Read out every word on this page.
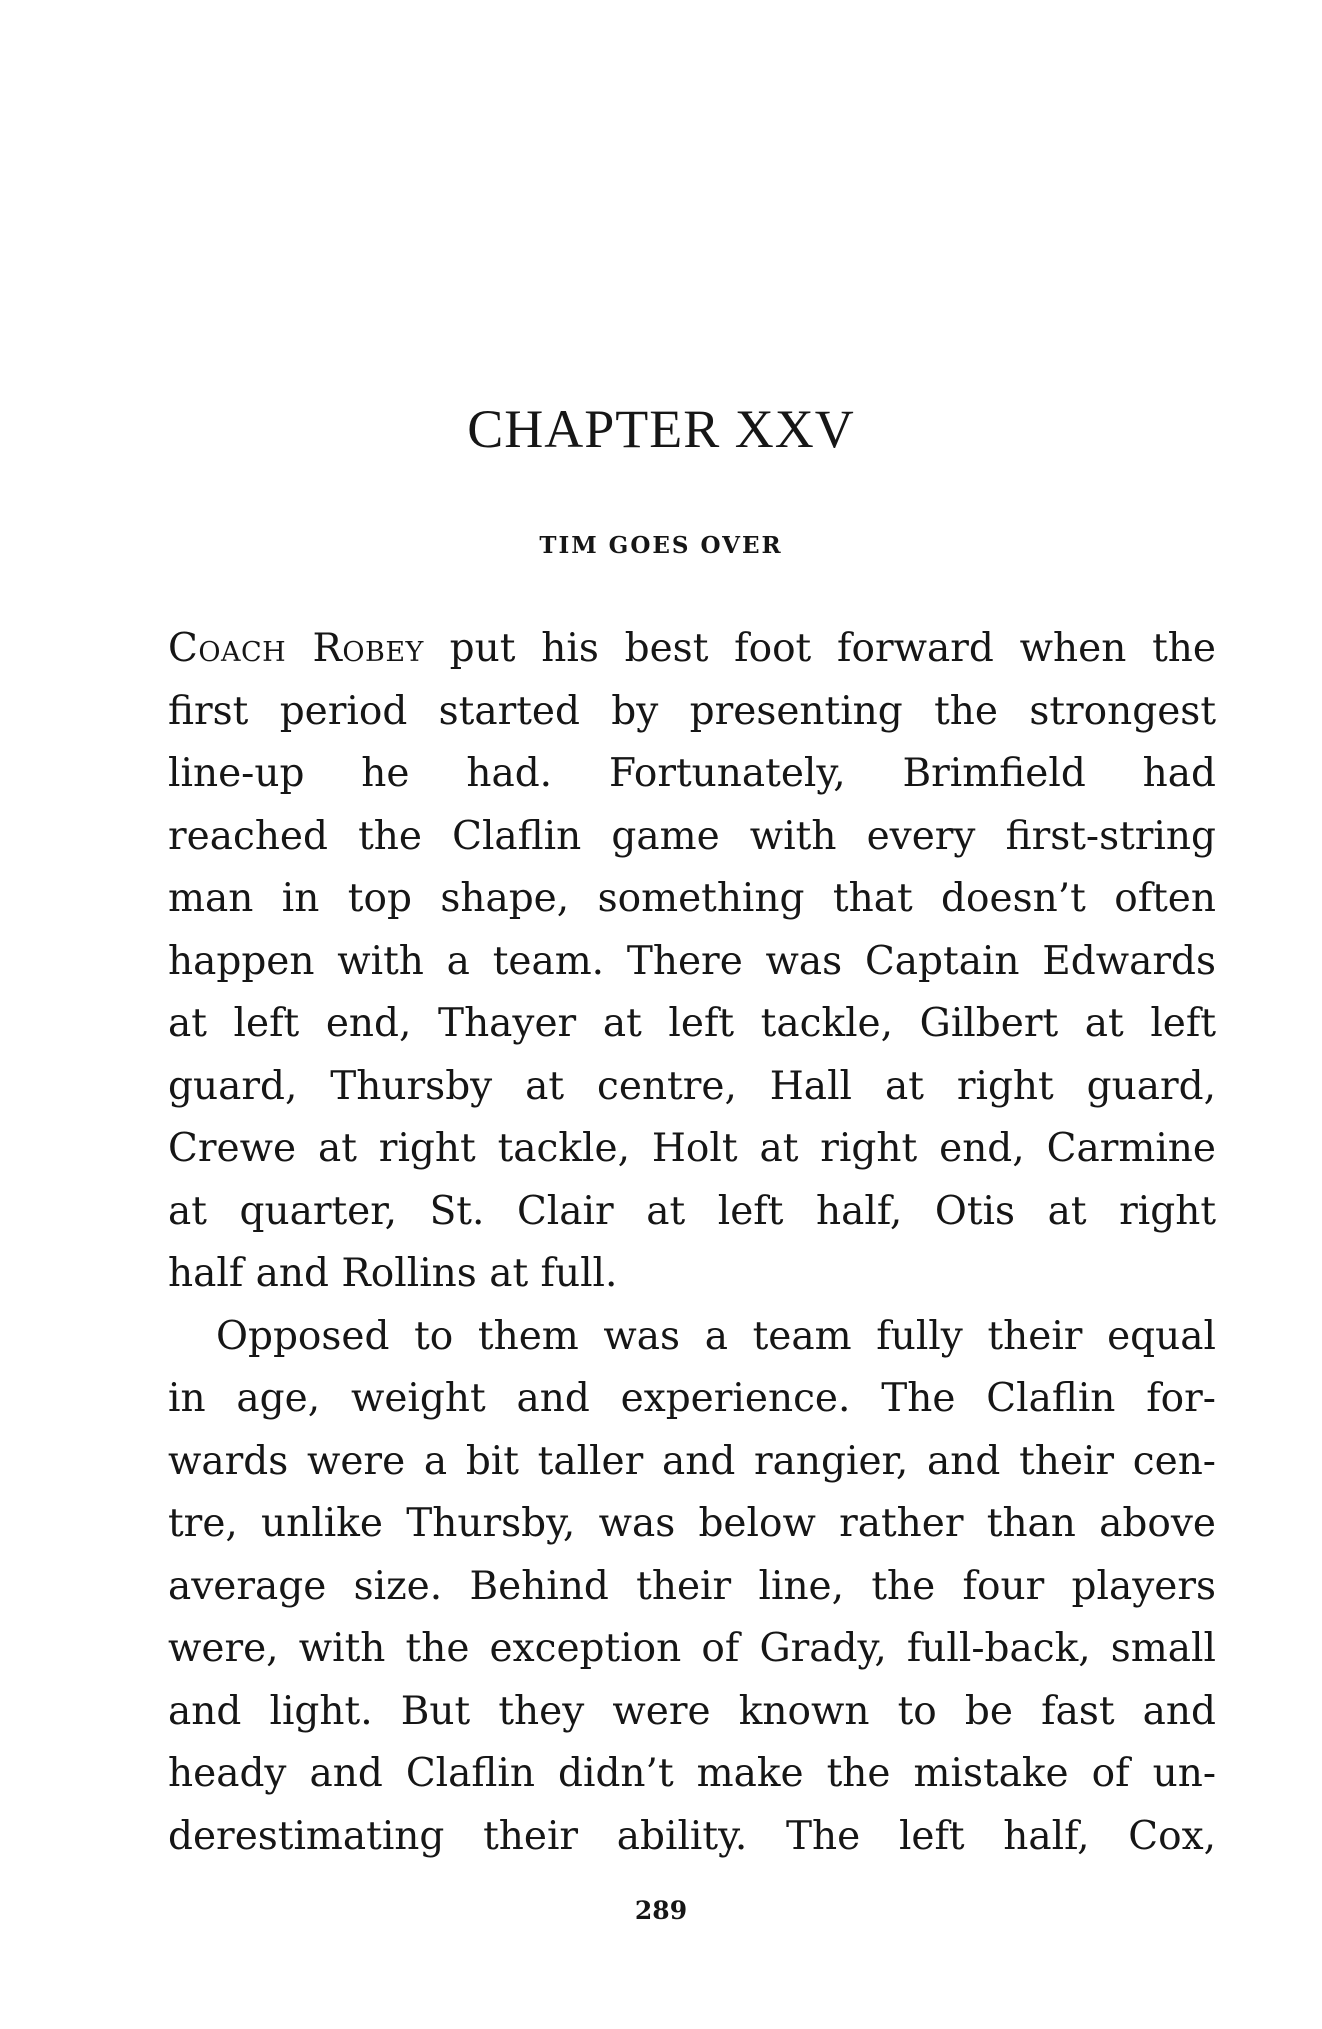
CHAPTER XXV
TIM GOES OVER
Coach Robey put his best foot forward when the
first period started by presenting the strongest
line-up he had. Fortunately, Brimfield had
reached the Claflin game with every first-string
man in top shape, something that doesn’t often
happen with a team. There was Captain Edwards
at left end, Thayer at left tackle, Gilbert at left
guard, Thursby at centre, Hall at right guard,
Crewe at right tackle, Holt at right end, Carmine
at quarter, St. Clair at left half, Otis at right
half and Rollins at full.
Opposed to them was a team fully their equal
in age, weight and experience. The Claflin for-
wards were a bit taller and rangier, and their cen-
tre, unlike Thursby, was below rather than above
average size. Behind their line, the four players
were, with the exception of Grady, full-back, small
and light. But they were known to be fast and
heady and Claflin didn’t make the mistake of un-
derestimating their ability. The left half, Cox,
289
